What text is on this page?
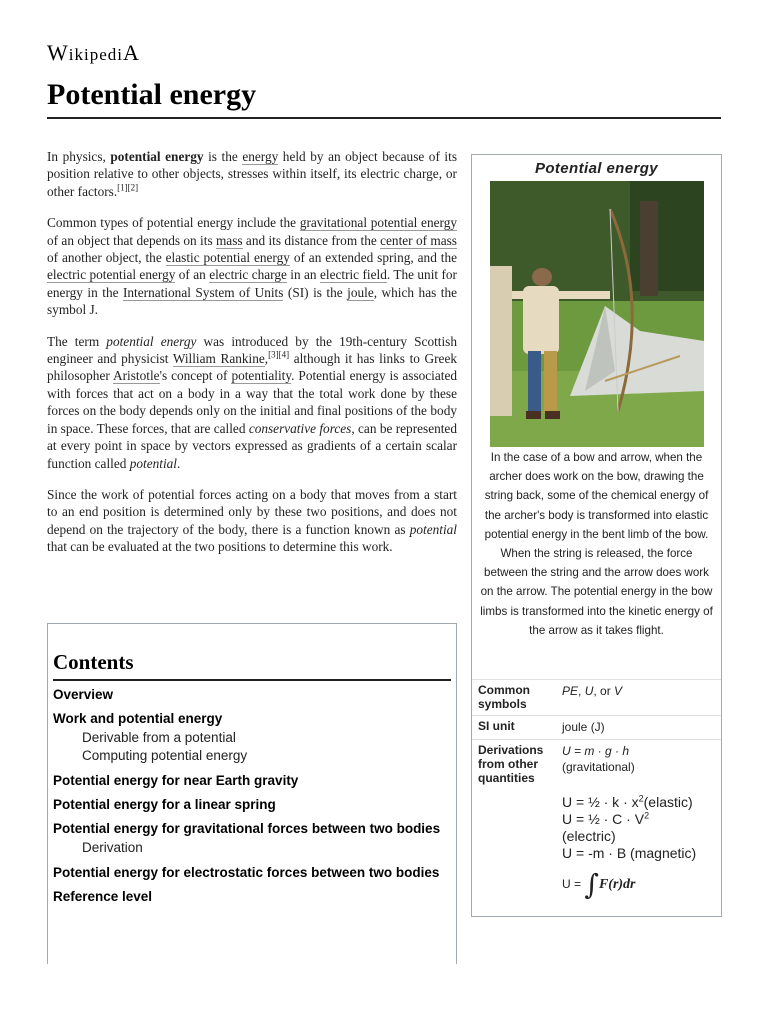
WikipediA
Potential energy

In physics, potential energy is the energy held by an object because of its position relative to other objects, stresses within itself, its electric charge, or other factors.[1][2]

Common types of potential energy include the gravitational potential energy of an object that depends on its mass and its distance from the center of mass of another object, the elastic potential energy of an extended spring, and the electric potential energy of an electric charge in an electric field. The unit for energy in the International System of Units (SI) is the joule, which has the symbol J.

The term potential energy was introduced by the 19th-century Scottish engineer and physicist William Rankine,[3][4] although it has links to Greek philosopher Aristotle's concept of potentiality. Potential energy is associated with forces that act on a body in a way that the total work done by these forces on the body depends only on the initial and final positions of the body in space. These forces, that are called conservative forces, can be represented at every point in space by vectors expressed as gradients of a certain scalar function called potential.

Since the work of potential forces acting on a body that moves from a start to an end position is determined only by these two positions, and does not depend on the trajectory of the body, there is a function known as potential that can be evaluated at the two positions to determine this work.

Contents
Overview
Work and potential energy
Derivable from a potential
Computing potential energy
Potential energy for near Earth gravity
Potential energy for a linear spring
Potential energy for gravitational forces between two bodies
Derivation
Potential energy for electrostatic forces between two bodies
Reference level
Potential energy
In the case of a bow and arrow, when the archer does work on the bow, drawing the string back, some of the chemical energy of the archer's body is transformed into elastic potential energy in the bent limb of the bow. When the string is released, the force between the string and the arrow does work on the arrow. The potential energy in the bow limbs is transformed into the kinetic energy of the arrow as it takes flight.
Common symbols
PE, U, or V
SI unit	joule (J)
Derivations from other quantities
U = m · g · h
(gravitational)
U = ½ · $k \cdot x^2(elastic)$
U = ½ · $C \cdot V^2$
(electric)
U = -m · B (magnetic)
U = ∫F(r)dr
